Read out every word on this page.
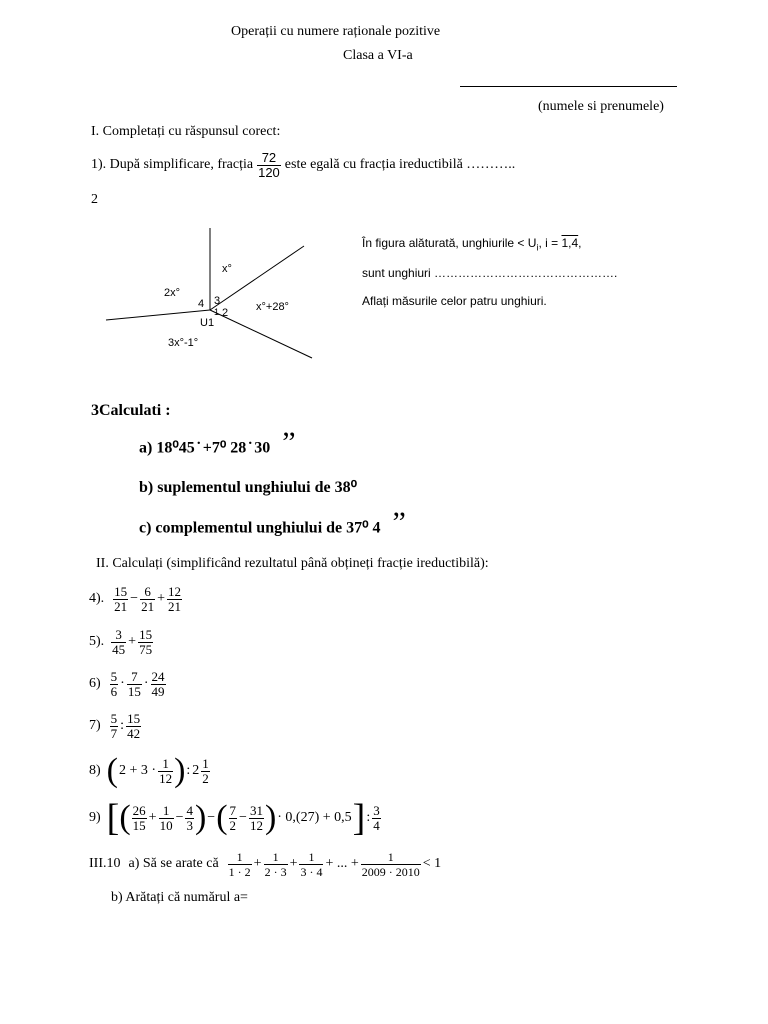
Operații cu numere raționale pozitive
Clasa a VI-a
(numele si prenumele)
I. Completați cu răspunsul corect:
1). După simplificare, fracția $\frac{72}{120}$ este egală cu fracția ireductibilă ………..
2
x°
2x°
x°+28°
3x°-1°
U1
4 3
2
1
În figura alăturată, unghiurile < $U_i$, i = 1,4,
sunt unghiuri ……………………………………….
Aflați măsurile celor patru unghiuri.
3Calculati :
a) 18⁰45 ̇ +7⁰ 28 ̇ 30 ”
b) suplementul unghiului de 38⁰
c) complementul unghiului de 37⁰ 4 ”
II. Calculați (simplificând rezultatul până obțineți fracție ireductibilă):
4). $\frac{15}{21} - \frac{6}{21} + \frac{12}{21}$
5). $\frac{3}{45} + \frac{15}{75}$
$6) \frac{5}{6} \cdot \frac{7}{15} \cdot \frac{24}{49}$
$7) \frac{5}{7}$ : $\frac{15}{42}$
8) ( $2 + 3 \cdot \frac{1}{12}$ ) : $2 \frac{1}{2}$
9) [ ( $\frac{26}{15} + \frac{1}{10} - \frac{4}{3}$ ) − ( $\frac{7}{2} - \frac{31}{12}$ ) · 0,(27) + 0,5 ] : $\frac{3}{4}$
III.10 a) Să se arate că $\frac{1}{1 \cdot 2} + \frac{1}{2 \cdot 3} + \frac{1}{3 \cdot 4}$ + ... + $\frac{1}{2009 \cdot 2010} < 1$
b) Arătați că numărul a=
